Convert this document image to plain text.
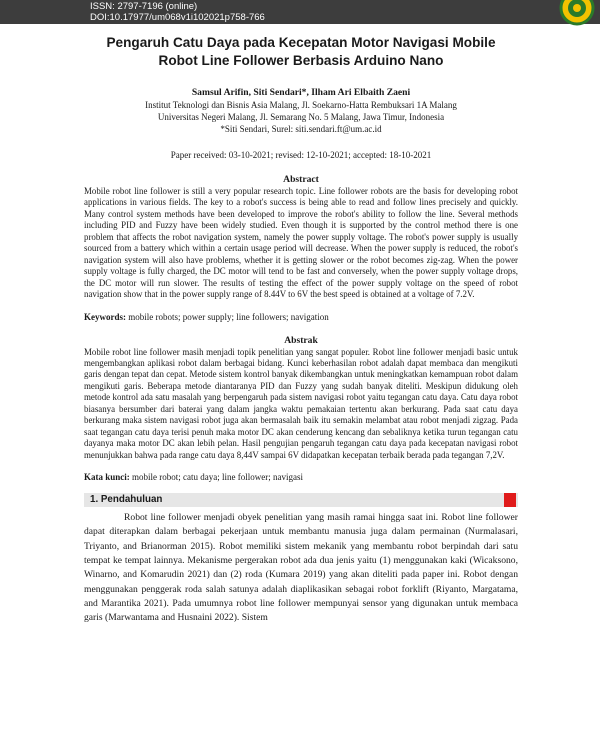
ISSN: 2797-7196 (online)
DOI:10.17977/um068v1i102021p758-766
Pengaruh Catu Daya pada Kecepatan Motor Navigasi Mobile
Robot Line Follower Berbasis Arduino Nano
Samsul Arifin, Siti Sendari*, Ilham Ari Elbaith Zaeni
Institut Teknologi dan Bisnis Asia Malang, Jl. Soekarno-Hatta Rembuksari 1A Malang
Universitas Negeri Malang, Jl. Semarang No. 5 Malang, Jawa Timur, Indonesia
*Siti Sendari, Surel: siti.sendari.ft@um.ac.id
Paper received: 03-10-2021; revised: 12-10-2021; accepted: 18-10-2021
Abstract

Mobile robot line follower is still a very popular research topic. Line follower robots are the basis for developing robot applications in various fields. The key to a robot's success is being able to read and follow lines precisely and quickly. Many control system methods have been developed to improve the robot's ability to follow the line. Several methods including PID and Fuzzy have been widely studied. Even though it is supported by the control method there is one problem that affects the robot navigation system, namely the power supply voltage. The robot's power supply is usually sourced from a battery which within a certain usage period will decrease. When the power supply is reduced, the robot's navigation system will also have problems, whether it is getting slower or the robot becomes zig-zag. When the power supply voltage is fully charged, the DC motor will tend to be fast and conversely, when the power supply voltage drops, the DC motor will run slower. The results of testing the effect of the power supply voltage on the speed of robot navigation show that in the power supply range of 8.44V to 6V the best speed is obtained at a voltage of 7.2V.

Keywords: mobile robots; power supply; line followers; navigation
Abstrak

Mobile robot line follower masih menjadi topik penelitian yang sangat populer. Robot line follower menjadi basic untuk mengembangkan aplikasi robot dalam berbagai bidang. Kunci keberhasilan robot adalah dapat membaca dan mengikuti garis dengan tepat dan cepat. Metode sistem kontrol banyak dikembangkan untuk meningkatkan kemampuan robot dalam mengikuti garis. Beberapa metode diantaranya PID dan Fuzzy yang sudah banyak diteliti. Meskipun didukung oleh metode kontrol ada satu masalah yang berpengaruh pada sistem navigasi robot yaitu tegangan catu daya. Catu daya robot biasanya bersumber dari baterai yang dalam jangka waktu pemakaian tertentu akan berkurang. Pada saat catu daya berkurang maka sistem navigasi robot juga akan bermasalah baik itu semakin melambat atau robot menjadi zigzag. Pada saat tegangan catu daya terisi penuh maka motor DC akan cenderung kencang dan sebaliknya ketika turun tegangan catu dayanya maka motor DC akan lebih pelan. Hasil pengujian pengaruh tegangan catu daya pada kecepatan navigasi robot menunjukkan bahwa pada range catu daya 8,44V sampai 6V didapatkan kecepatan terbaik berada pada tegangan 7,2V.

Kata kunci: mobile robot; catu daya; line follower; navigasi
1. Pendahuluan

Robot line follower menjadi obyek penelitian yang masih ramai hingga saat ini. Robot line follower dapat diterapkan dalam berbagai pekerjaan untuk membantu manusia juga dalam permainan (Nurmalasari, Triyanto, and Brianorman 2015). Robot memiliki sistem mekanik yang membantu robot berpindah dari satu tempat ke tempat lainnya. Mekanisme pergerakan robot ada dua jenis yaitu (1) menggunakan kaki (Wicaksono, Winarno, and Komarudin 2021) dan (2) roda (Kumara 2019) yang akan diteliti pada paper ini. Robot dengan menggunakan penggerak roda salah satunya adalah diaplikasikan sebagai robot forklift (Riyanto, Margatama, and Marantika 2021). Pada umumnya robot line follower mempunyai sensor yang digunakan untuk membaca garis (Marwantama and Husnaini 2022). Sistem
